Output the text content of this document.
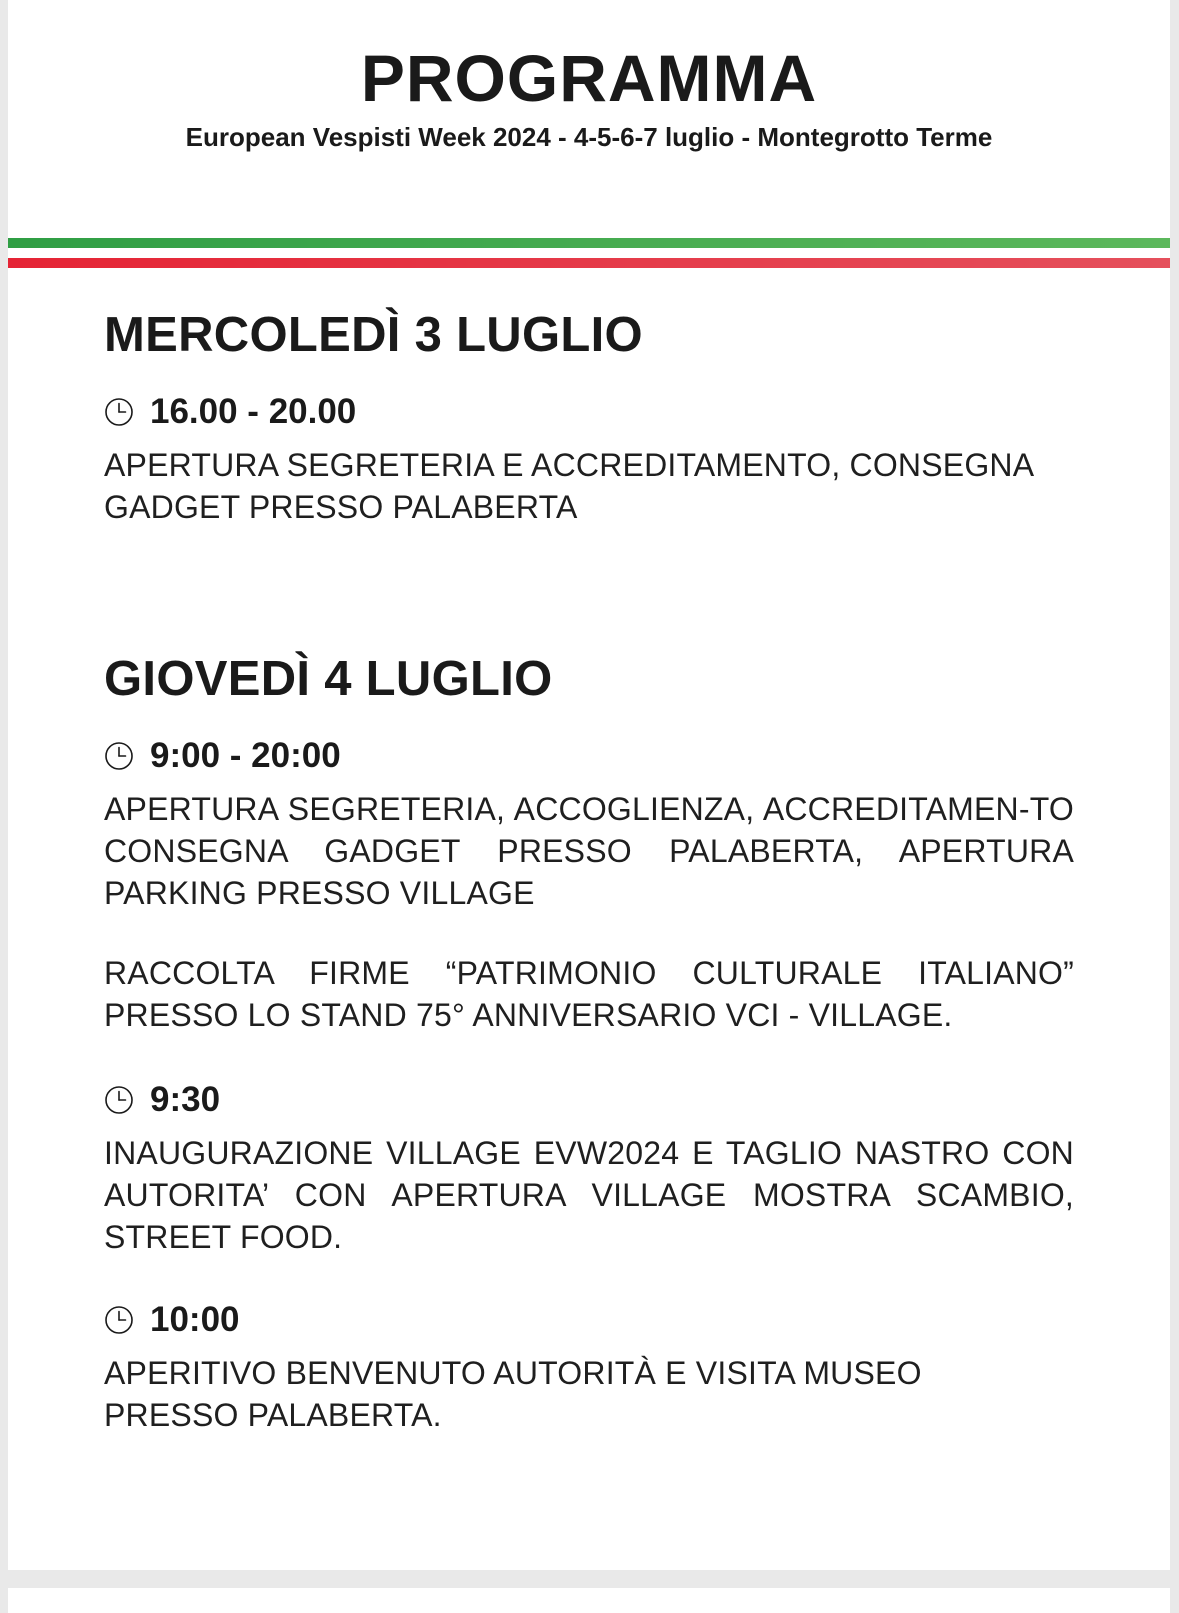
PROGRAMMA
European Vespisti Week 2024 - 4-5-6-7 luglio - Montegrotto Terme
MERCOLEDÌ 3 LUGLIO
16.00 - 20.00
APERTURA SEGRETERIA E ACCREDITAMENTO, CONSEGNA GADGET PRESSO PALABERTA
GIOVEDÌ 4 LUGLIO
9:00 - 20:00
APERTURA SEGRETERIA, ACCOGLIENZA, ACCREDITAMEN-TO CONSEGNA GADGET PRESSO PALABERTA, APERTURA PARKING PRESSO VILLAGE
RACCOLTA FIRME “PATRIMONIO CULTURALE ITALIANO” PRESSO LO STAND 75° ANNIVERSARIO VCI - VILLAGE.
9:30
INAUGURAZIONE VILLAGE EVW2024 E TAGLIO NASTRO CON AUTORITA’ CON APERTURA VILLAGE MOSTRA SCAMBIO, STREET FOOD.
10:00
APERITIVO BENVENUTO AUTORITÀ E VISITA MUSEO PRESSO PALABERTA.
